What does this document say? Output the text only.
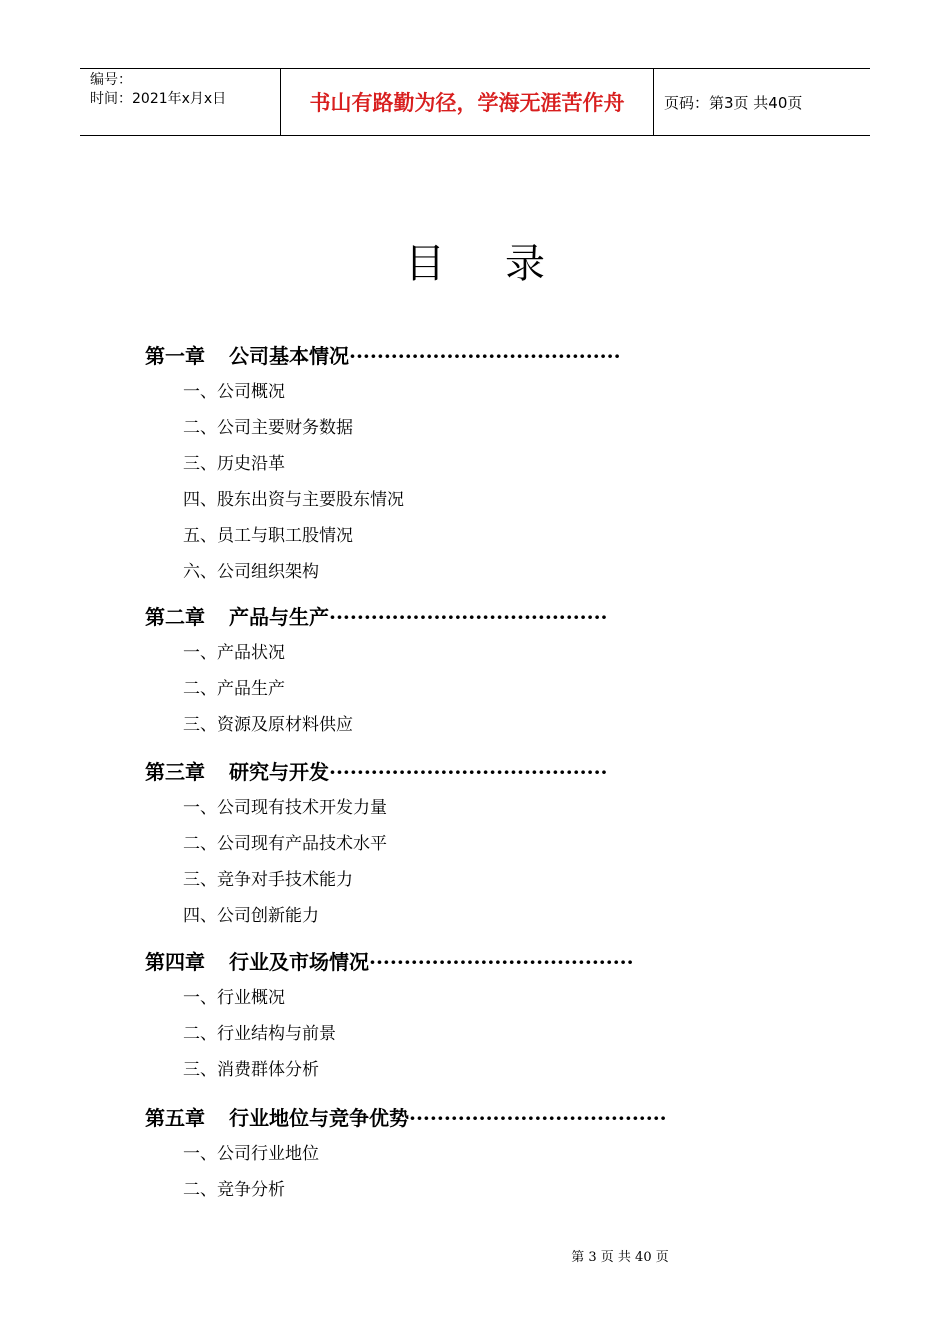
编号：
时间：2021年x月x日	书山有路勤为径，学海无涯苦作舟	页码：第3页 共40页
目录
第一章 公司基本情况·······································
一、公司概况
二、公司主要财务数据
三、历史沿革
四、股东出资与主要股东情况
五、员工与职工股情况
六、公司组织架构
第二章 产品与生产········································
一、产品状况
二、产品生产
三、资源及原材料供应
第三章 研究与开发········································
一、公司现有技术开发力量
二、公司现有产品技术水平
三、竞争对手技术能力
四、公司创新能力
第四章 行业及市场情况······································
一、行业概况
二、行业结构与前景
三、消费群体分析
第五章 行业地位与竞争优势·····································
一、公司行业地位
二、竞争分析
第 3 页 共 40 页
